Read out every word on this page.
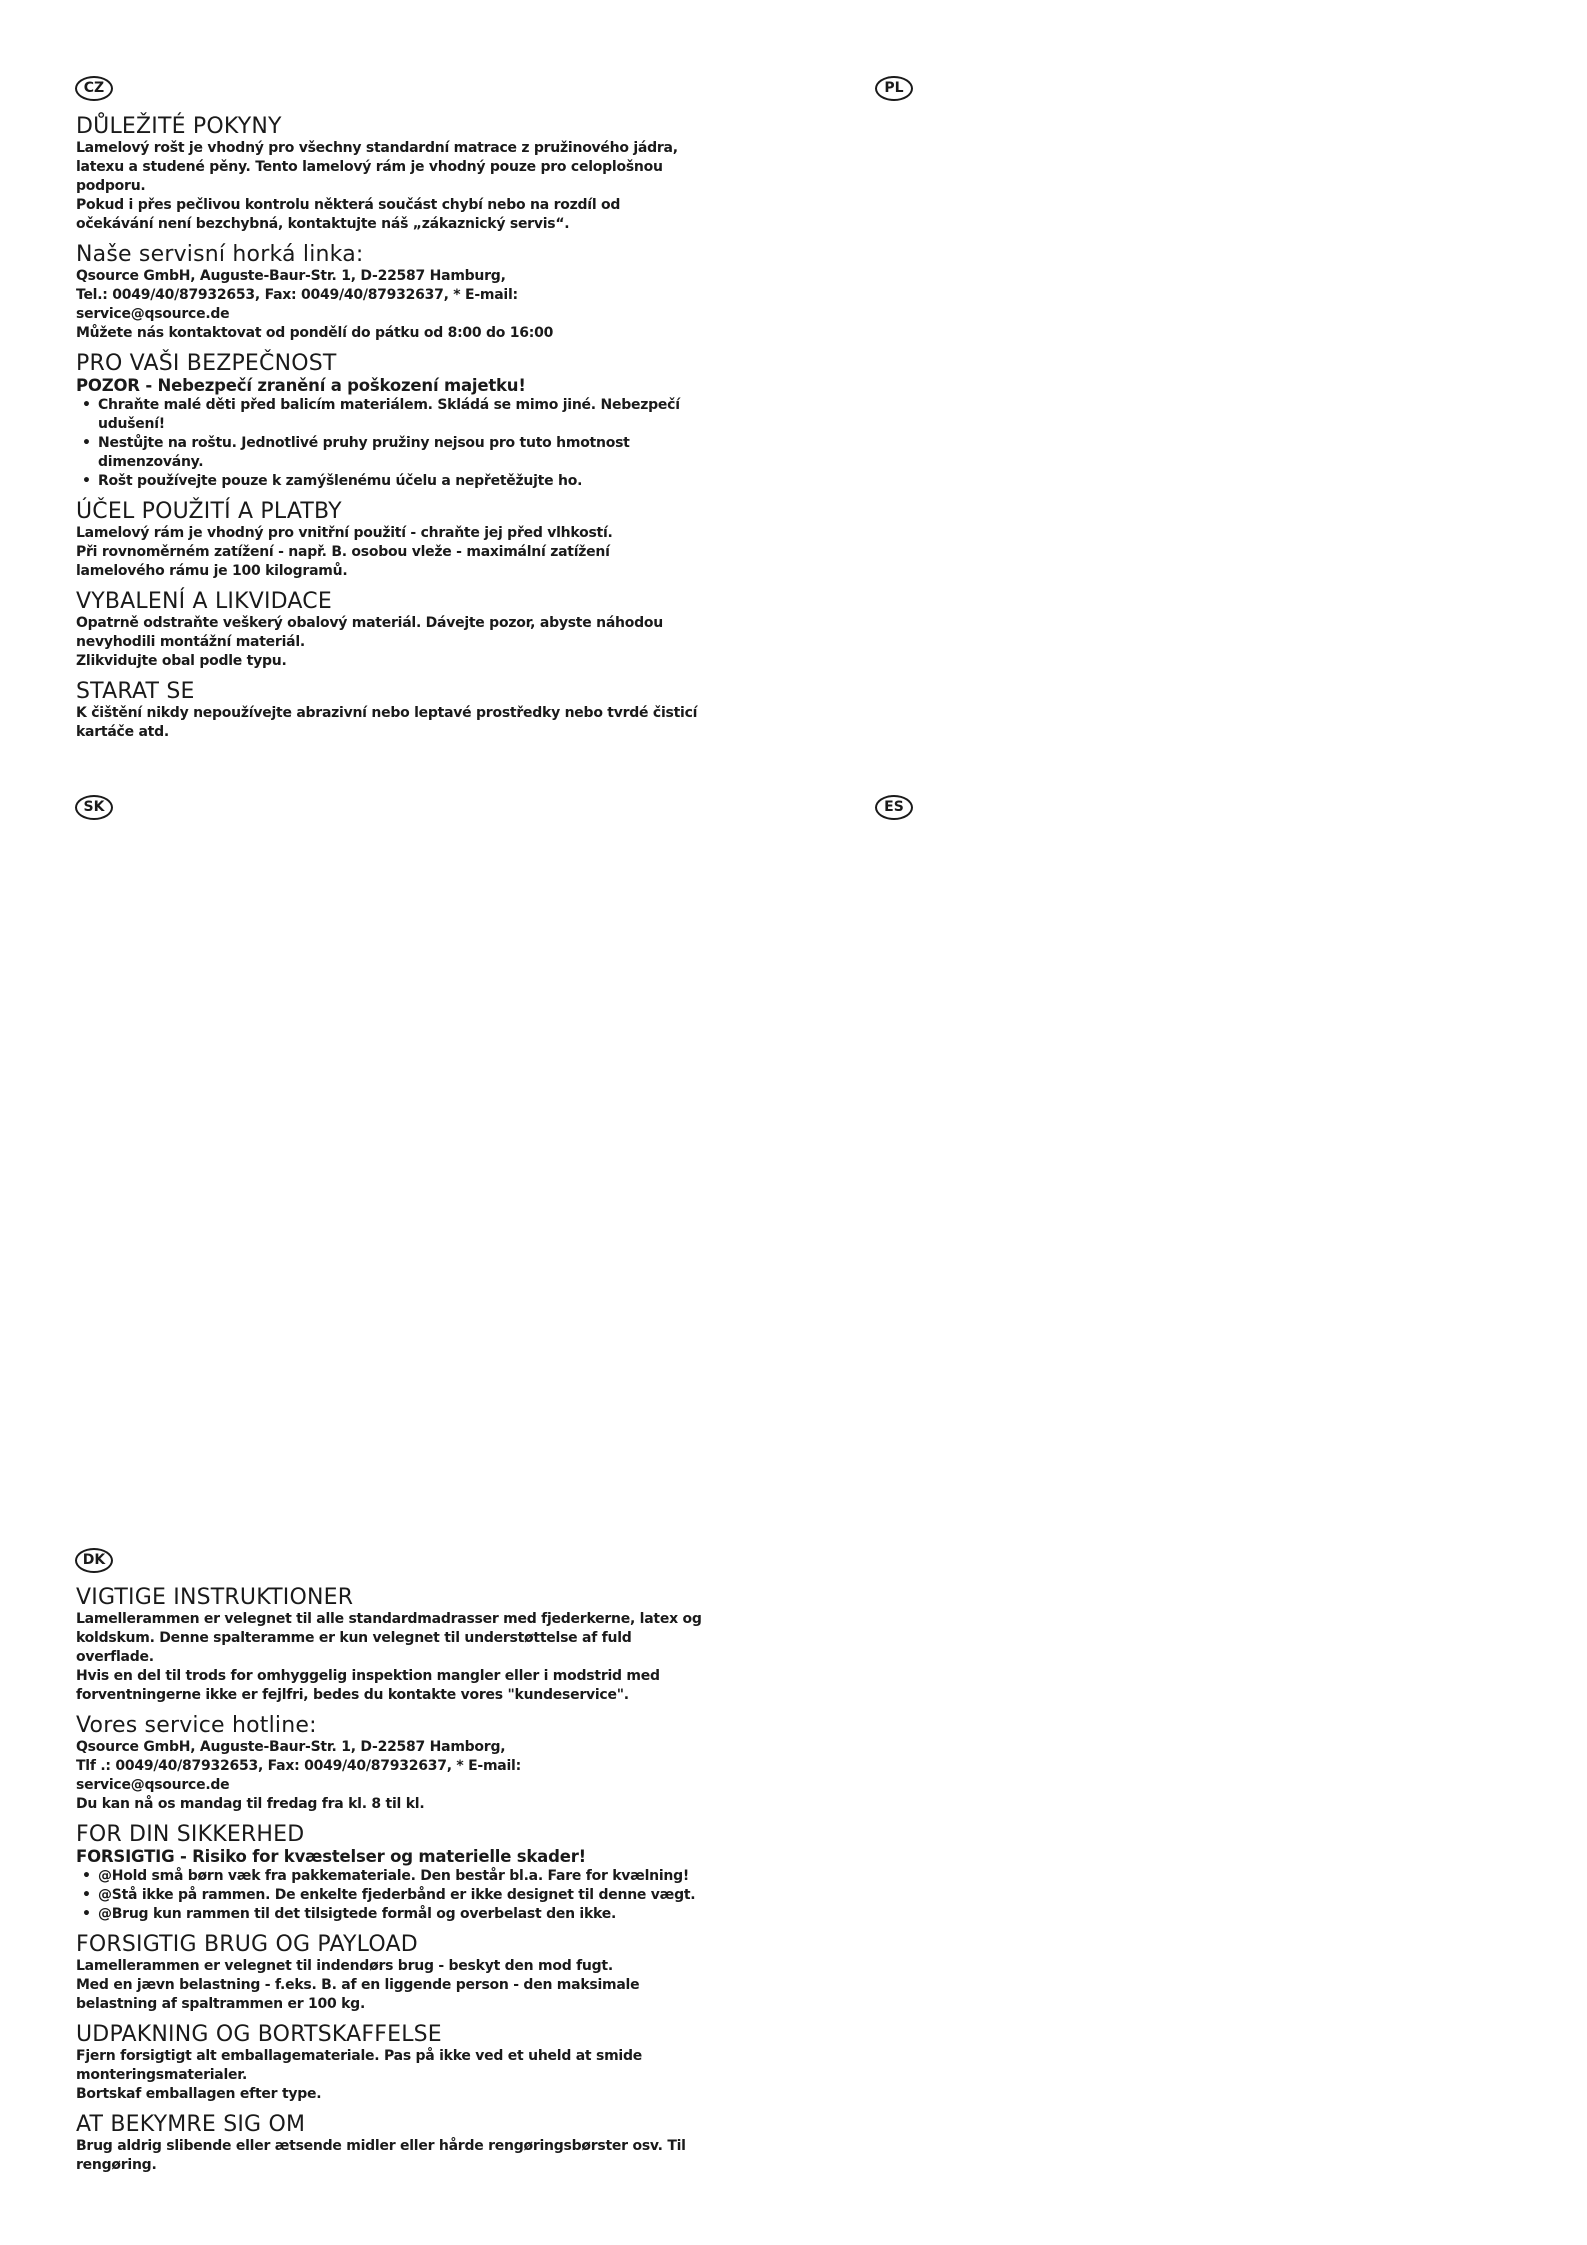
CZ	PL
SK	ES
DK
DŮLEŽITÉ POKYNY

Lamelový rošt je vhodný pro všechny standardní matrace z pružinového jádra,

latexu a studené pěny. Tento lamelový rám je vhodný pouze pro celoplošnou

podporu.

Pokud i přes pečlivou kontrolu některá součást chybí nebo na rozdíl od

očekávání není bezchybná, kontaktujte náš „zákaznický servis“.

Naše servisní horká linka:

Qsource GmbH, Auguste-Baur-Str. 1, D-22587 Hamburg,

Tel.: 0049/40/87932653, Fax: 0049/40/87932637, * E-mail:

service@qsource.de

Můžete nás kontaktovat od pondělí do pátku od 8:00 do 16:00

PRO VAŠI BEZPEČNOST

POZOR - Nebezpečí zranění a poškození majetku!

• Chraňte malé děti před balicím materiálem. Skládá se mimo jiné. Nebezpečí
udušení!
• Nestůjte na roštu. Jednotlivé pruhy pružiny nejsou pro tuto hmotnost
dimenzovány.
• Rošt používejte pouze k zamýšlenému účelu a nepřetěžujte ho.
ÚČEL POUŽITÍ A PLATBY

Lamelový rám je vhodný pro vnitřní použití - chraňte jej před vlhkostí.

Při rovnoměrném zatížení - např. B. osobou vleže - maximální zatížení

lamelového rámu je 100 kilogramů.

VYBALENÍ A LIKVIDACE

Opatrně odstraňte veškerý obalový materiál. Dávejte pozor, abyste náhodou

nevyhodili montážní materiál.

Zlikvidujte obal podle typu.

STARAT SE

K čištění nikdy nepoužívejte abrazivní nebo leptavé prostředky nebo tvrdé čisticí

kartáče atd.

VIGTIGE INSTRUKTIONER

Lamellerammen er velegnet til alle standardmadrasser med fjederkerne, latex og

koldskum. Denne spalteramme er kun velegnet til understøttelse af fuld

overflade.

Hvis en del til trods for omhyggelig inspektion mangler eller i modstrid med

forventningerne ikke er fejlfri, bedes du kontakte vores "kundeservice".

Vores service hotline:

Qsource GmbH, Auguste-Baur-Str. 1, D-22587 Hamborg,

Tlf .: 0049/40/87932653, Fax: 0049/40/87932637, * E-mail:

service@qsource.de

Du kan nå os mandag til fredag fra kl. 8 til kl.

FOR DIN SIKKERHED

FORSIGTIG - Risiko for kvæstelser og materielle skader!

• @Hold små børn væk fra pakkemateriale. Den består bl.a. Fare for kvælning!
• @Stå ikke på rammen. De enkelte fjederbånd er ikke designet til denne vægt.
• @Brug kun rammen til det tilsigtede formål og overbelast den ikke.
FORSIGTIG BRUG OG PAYLOAD

Lamellerammen er velegnet til indendørs brug - beskyt den mod fugt.

Med en jævn belastning - f.eks. B. af en liggende person - den maksimale

belastning af spaltrammen er 100 kg.

UDPAKNING OG BORTSKAFFELSE

Fjern forsigtigt alt emballagemateriale. Pas på ikke ved et uheld at smide

monteringsmaterialer.

Bortskaf emballagen efter type.

AT BEKYMRE SIG OM

Brug aldrig slibende eller ætsende midler eller hårde rengøringsbørster osv. Til

rengøring.
